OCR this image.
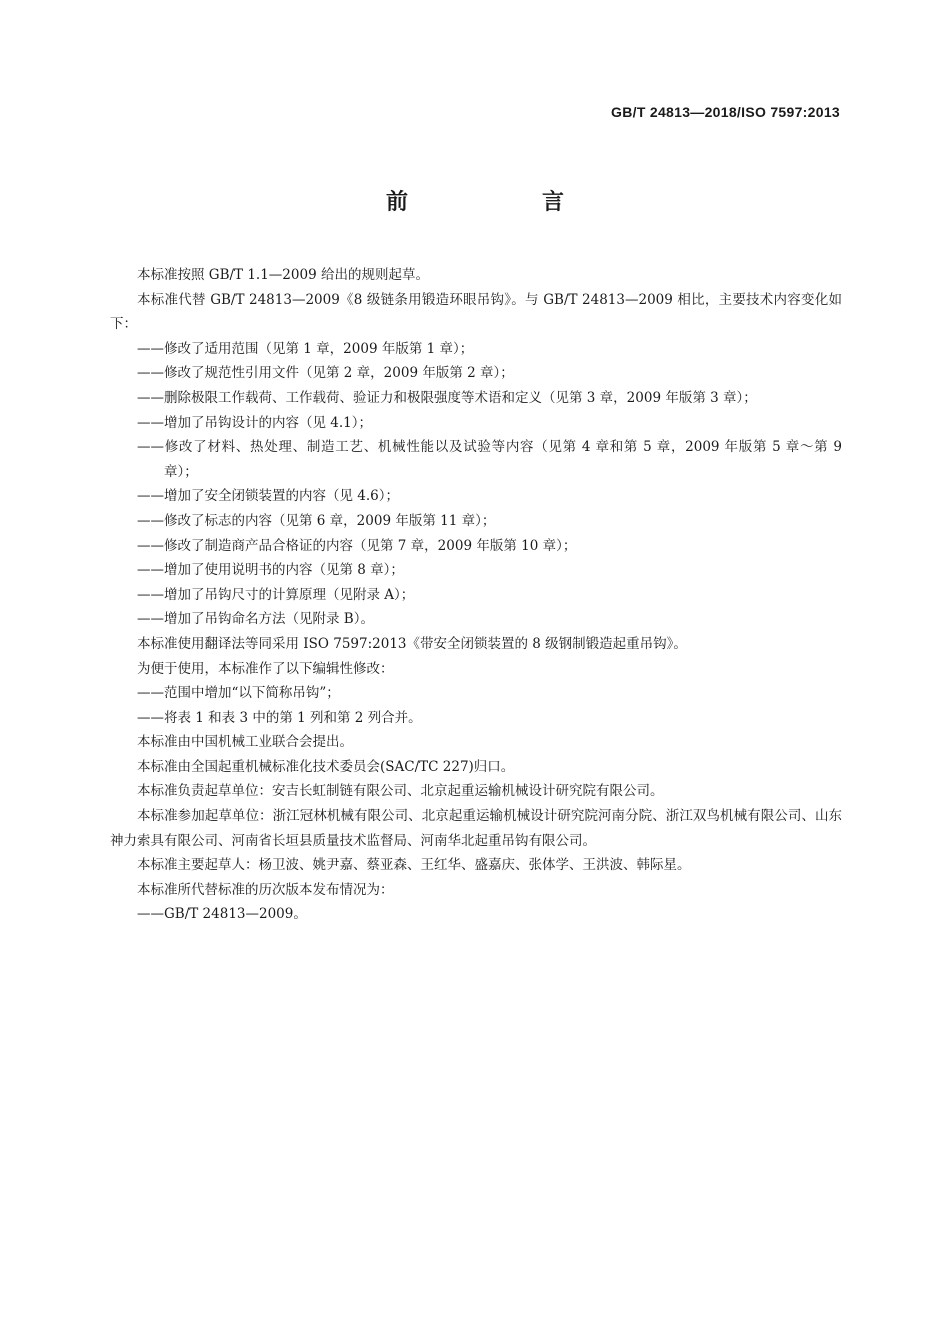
GB/T 24813—2018/ISO 7597:2013
前　言

本标准按照 GB/T 1.1—2009 给出的规则起草。

本标准代替 GB/T 24813—2009《8 级链条用锻造环眼吊钩》。与 GB/T 24813—2009 相比，主要技术内容变化如下：

——修改了适用范围（见第 1 章，2009 年版第 1 章）；

——修改了规范性引用文件（见第 2 章，2009 年版第 2 章）；

——删除极限工作载荷、工作载荷、验证力和极限强度等术语和定义（见第 3 章，2009 年版第 3 章）；

——增加了吊钩设计的内容（见 4.1）；

——修改了材料、热处理、制造工艺、机械性能以及试验等内容（见第 4 章和第 5 章，2009 年版第 5 章～第 9 章）；

——增加了安全闭锁装置的内容（见 4.6）；

——修改了标志的内容（见第 6 章，2009 年版第 11 章）；

——修改了制造商产品合格证的内容（见第 7 章，2009 年版第 10 章）；

——增加了使用说明书的内容（见第 8 章）；

——增加了吊钩尺寸的计算原理（见附录 A）；

——增加了吊钩命名方法（见附录 B）。

本标准使用翻译法等同采用 ISO 7597:2013《带安全闭锁装置的 8 级钢制锻造起重吊钩》。

为便于使用，本标准作了以下编辑性修改：

——范围中增加“以下简称吊钩”；

——将表 1 和表 3 中的第 1 列和第 2 列合并。

本标准由中国机械工业联合会提出。

本标准由全国起重机械标准化技术委员会(SAC/TC 227)归口。

本标准负责起草单位：安吉长虹制链有限公司、北京起重运输机械设计研究院有限公司。

本标准参加起草单位：浙江冠林机械有限公司、北京起重运输机械设计研究院河南分院、浙江双鸟机械有限公司、山东神力索具有限公司、河南省长垣县质量技术监督局、河南华北起重吊钩有限公司。

本标准主要起草人：杨卫波、姚尹嘉、蔡亚森、王红华、盛嘉庆、张体学、王洪波、韩际星。

本标准所代替标准的历次版本发布情况为：

——GB/T 24813—2009。
